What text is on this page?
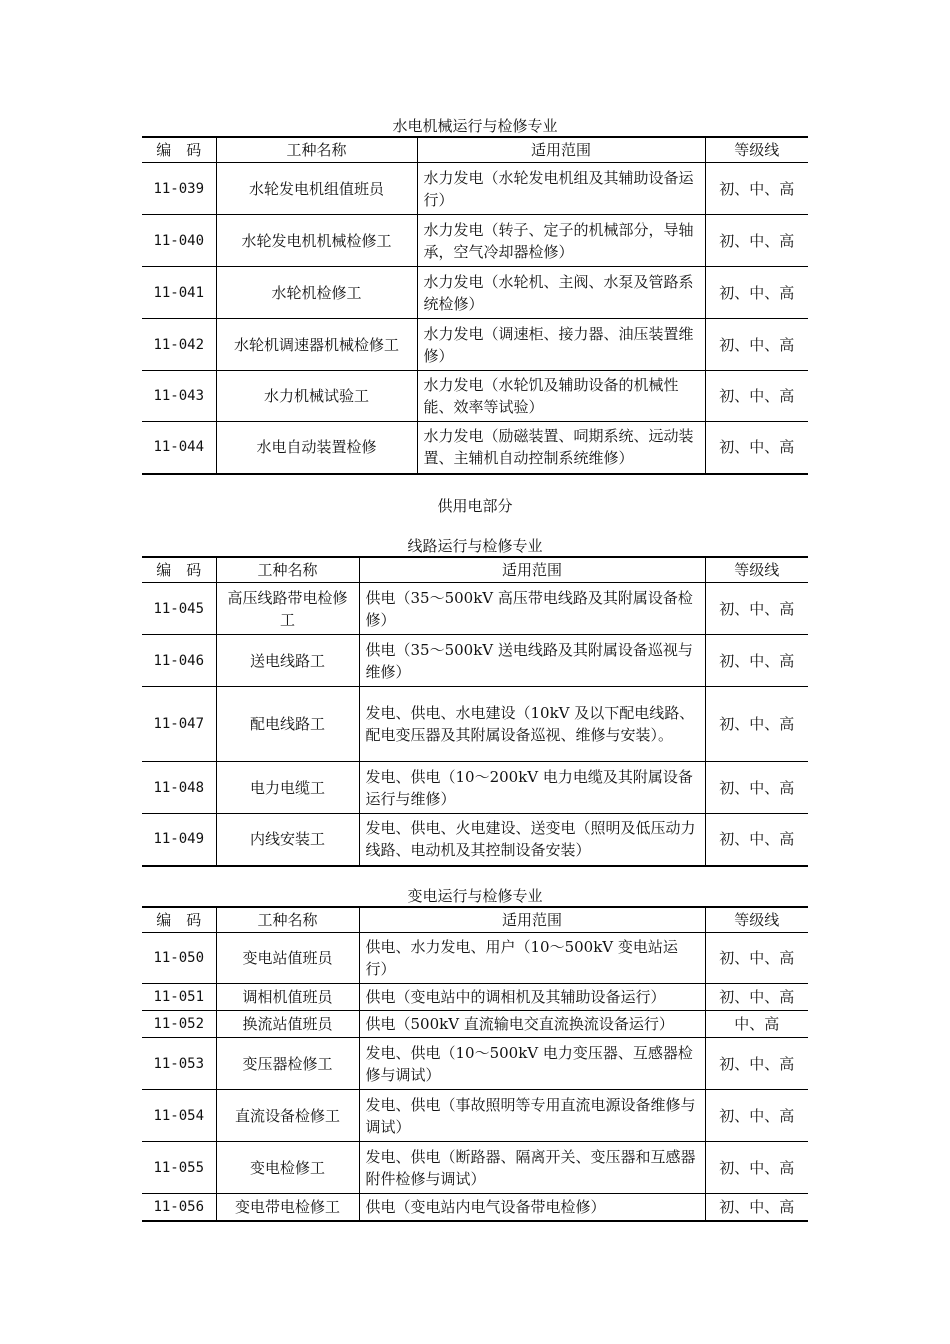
水电机械运行与检修专业
编　码	工种名称	适用范围	等级线
11-039	水轮发电机组值班员	水力发电（水轮发电机组及其辅助设备运行）	初、中、高
11-040	水轮发电机机械检修工	水力发电（转子、定子的机械部分，导轴承，空气冷却器检修）	初、中、高
11-041	水轮机检修工	水力发电（水轮机、主阀、水泵及管路系统检修）	初、中、高
11-042	水轮机调速器机械检修工	水力发电（调速柜、接力器、油压装置维修）	初、中、高
11-043	水力机械试验工	水力发电（水轮饥及辅助设备的机械性能、效率等试验）	初、中、高
11-044	水电自动装置检修	水力发电（励磁装置、呞期系统、远动装置、主辅机自动控制系统维修）	初、中、高
供用电部分
线路运行与检修专业
编　码	工种名称	适用范围	等级线
11-045	高压线路带电检修工	供电（35～500kV 高压带电线路及其附属设备检修）	初、中、高
11-046	送电线路工	供电（35～500kV 送电线路及其附属设备巡视与维修）	初、中、高
11-047	配电线路工	发电、供电、水电建设（10kV 及以下配电线路、配电变压器及其附属设备巡视、维修与安装）。	初、中、高
11-048	电力电缆工	发电、供电（10～200kV 电力电缆及其附属设备运行与维修）	初、中、高
11-049	内线安装工	发电、供电、火电建设、送变电（照明及低压动力线路、电动机及其控制设备安装）	初、中、高
变电运行与检修专业
编　码	工种名称	适用范围	等级线
11-050	变电站值班员	供电、水力发电、用户（10～500kV 变电站运行）	初、中、高
11-051	调相机值班员	供电（变电站中的调相机及其辅助设备运行）	初、中、高
11-052	换流站值班员	供电（500kV 直流输电交直流换流设备运行）	中、高
11-053	变压器检修工	发电、供电（10～500kV 电力变压器、互感器检修与调试）	初、中、高
11-054	直流设备检修工	发电、供电（事故照明等专用直流电源设备维修与调试）	初、中、高
11-055	变电检修工	发电、供电（断路器、隔离开关、变压器和互感器附件检修与调试）	初、中、高
11-056	变电带电检修工	供电（变电站内电气设备带电检修）	初、中、高
